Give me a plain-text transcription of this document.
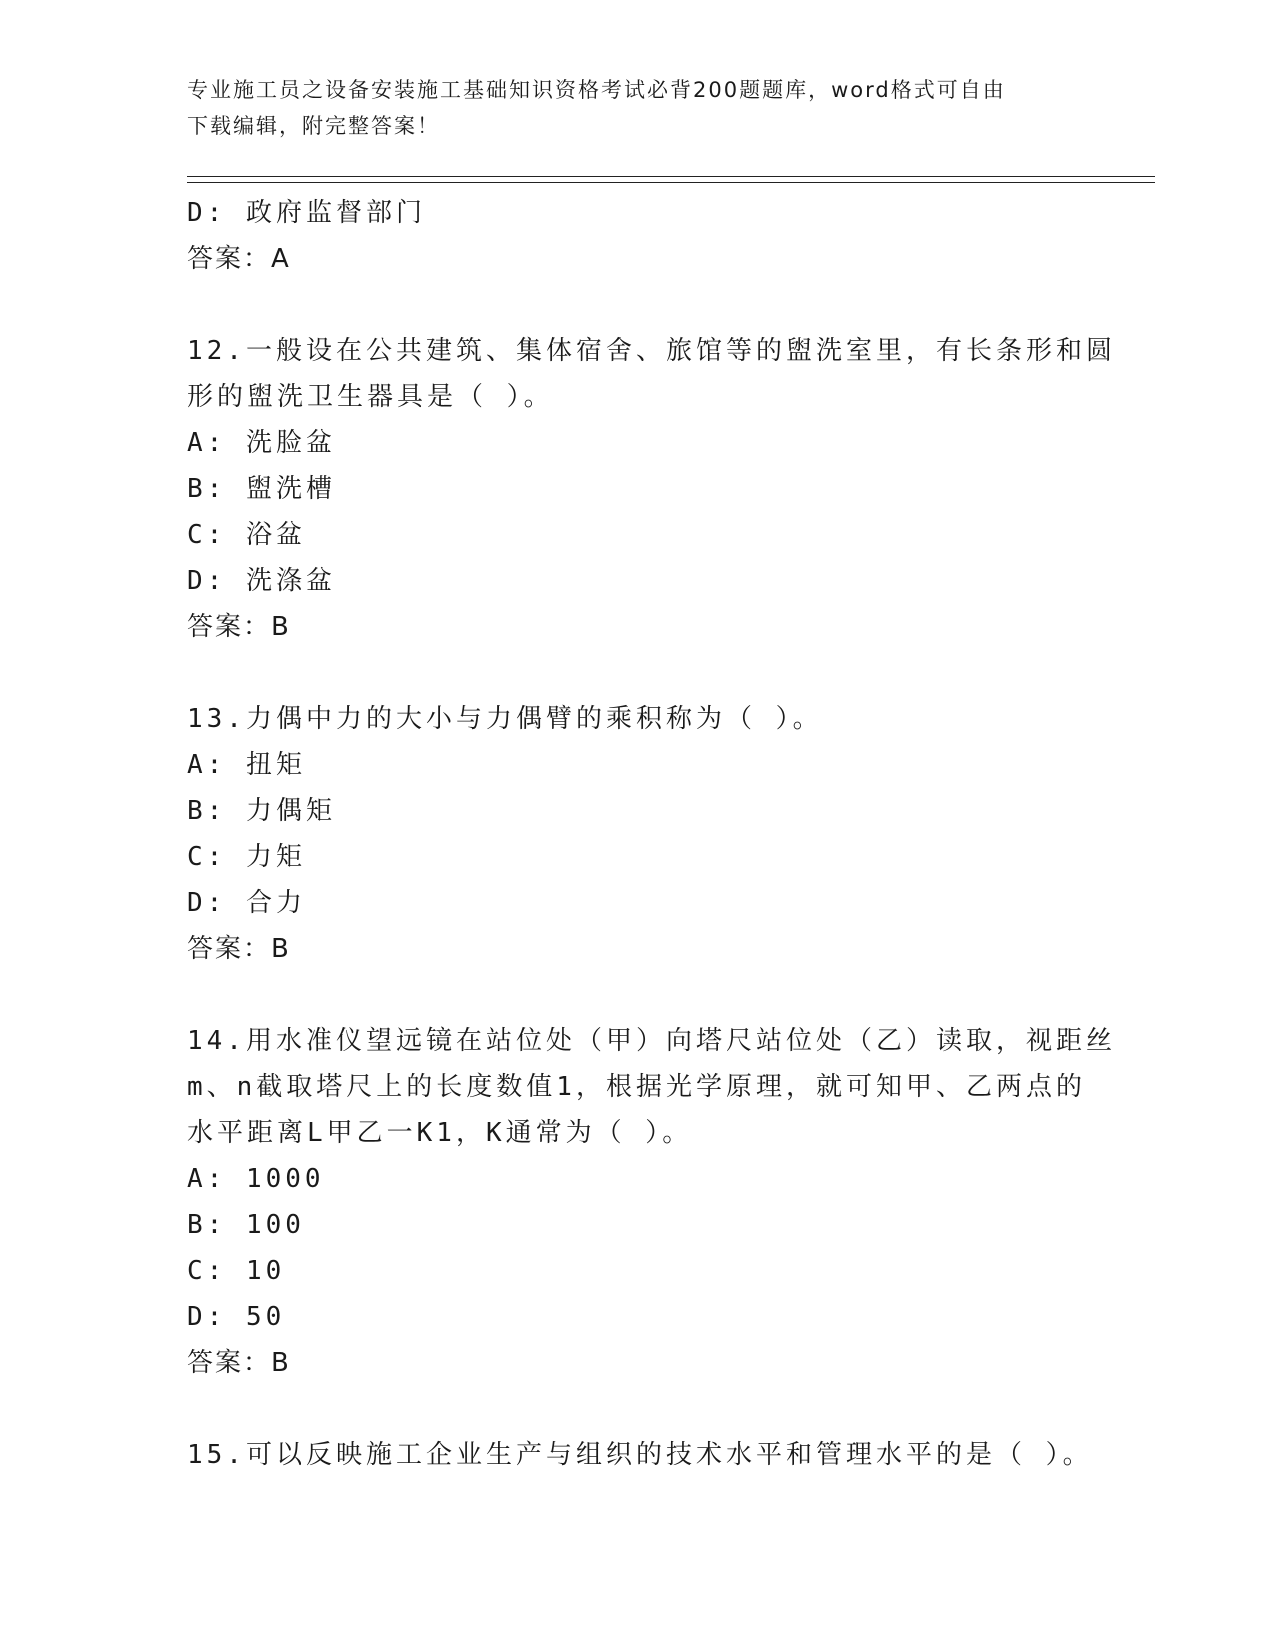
专业施工员之设备安装施工基础知识资格考试必背200题题库，word格式可自由
下载编辑，附完整答案！
D: 政府监督部门
答案：A
12.一般设在公共建筑、集体宿舍、旅馆等的盥洗室里，有长条形和圆
形的盥洗卫生器具是（ ）。
A: 洗脸盆
B: 盥洗槽
C: 浴盆
D: 洗涤盆
答案：B
13.力偶中力的大小与力偶臂的乘积称为（ ）。
A: 扭矩
B: 力偶矩
C: 力矩
D: 合力
答案：B
14.用水准仪望远镜在站位处（甲）向塔尺站位处（乙）读取，视距丝
m、n截取塔尺上的长度数值1，根据光学原理，就可知甲、乙两点的
水平距离L甲乙一K1，K通常为（ ）。
A: 1000
B: 100
C: 10
D: 50
答案：B
15.可以反映施工企业生产与组织的技术水平和管理水平的是（ ）。
